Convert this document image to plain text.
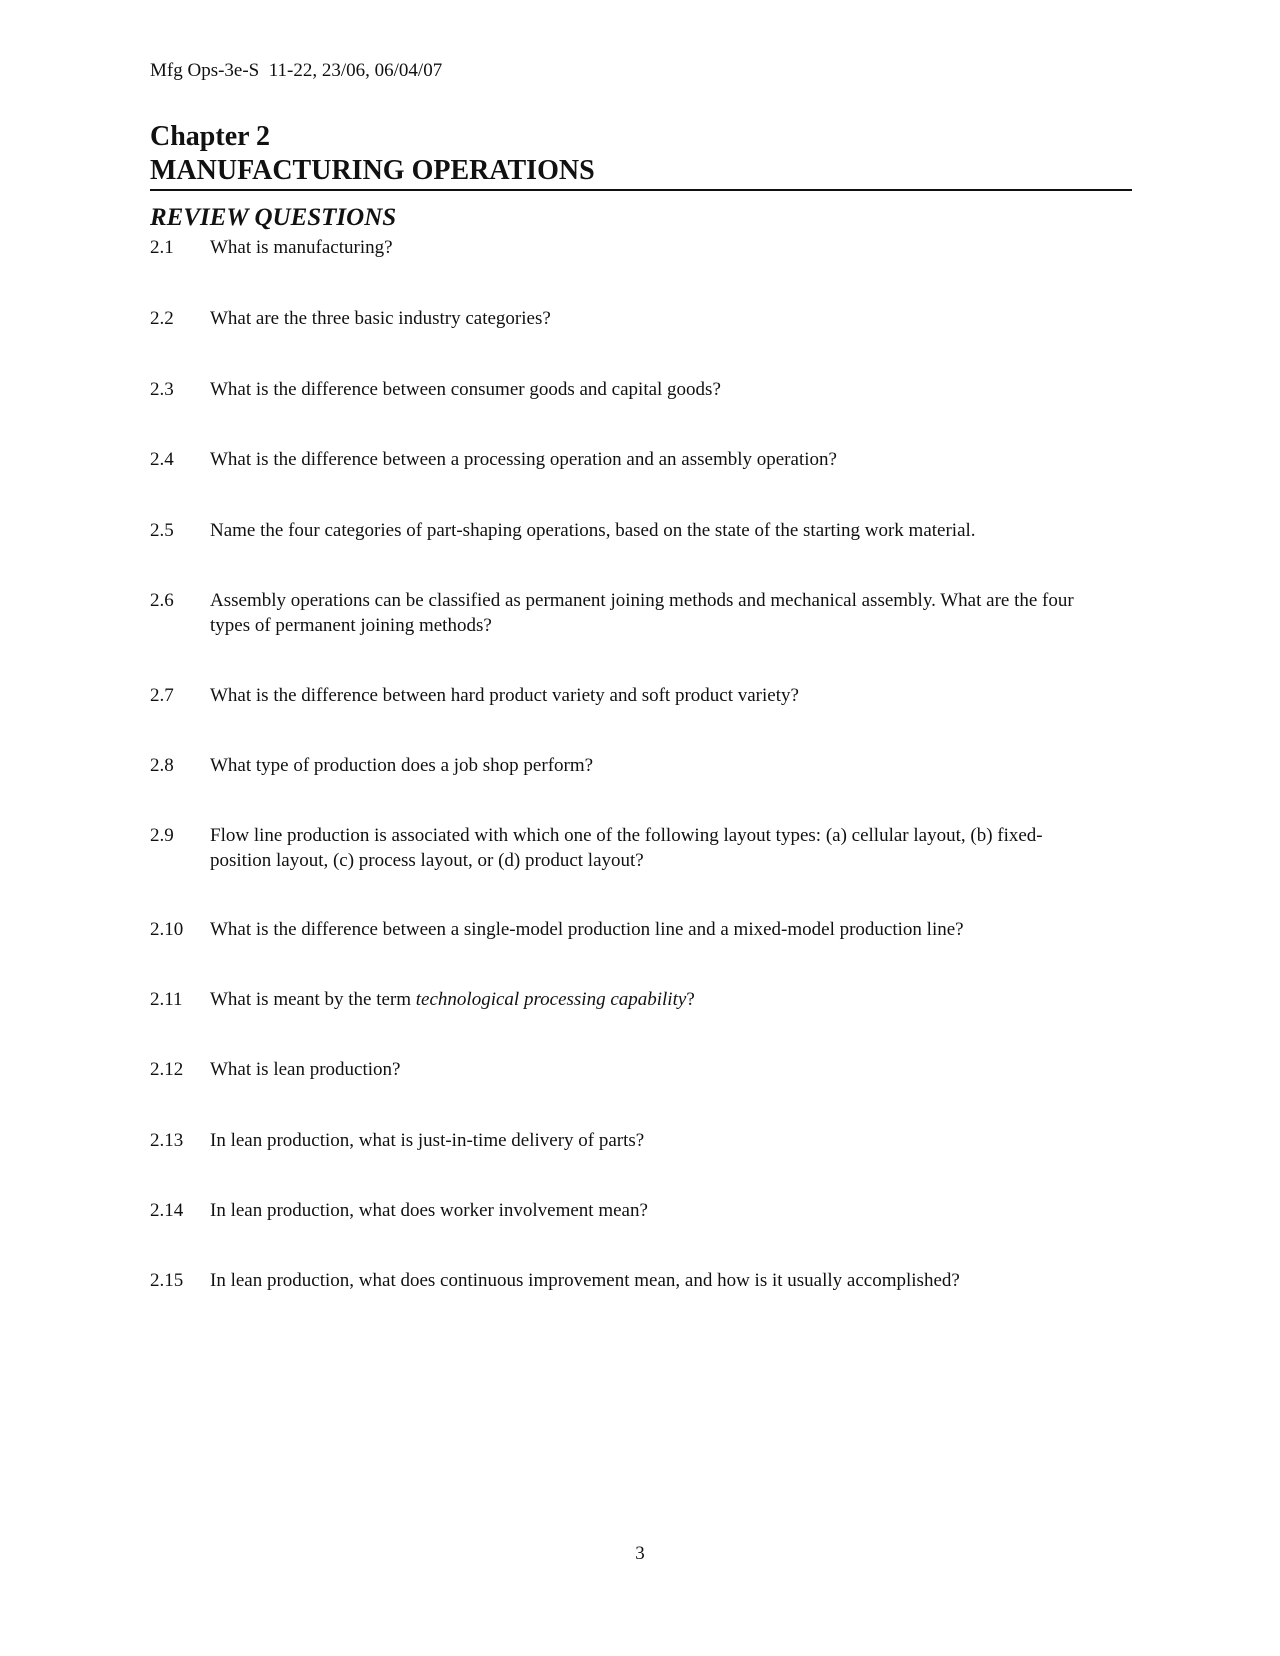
Mfg Ops-3e-S  11-22, 23/06, 06/04/07
Chapter 2
MANUFACTURING OPERATIONS
REVIEW QUESTIONS
2.1	What is manufacturing?
2.2	What are the three basic industry categories?
2.3	What is the difference between consumer goods and capital goods?
2.4	What is the difference between a processing operation and an assembly operation?
2.5	Name the four categories of part-shaping operations, based on the state of the starting work material.
2.6	Assembly operations can be classified as permanent joining methods and mechanical assembly. What are the four types of permanent joining methods?
2.7	What is the difference between hard product variety and soft product variety?
2.8	What type of production does a job shop perform?
2.9	Flow line production is associated with which one of the following layout types: (a) cellular layout, (b) fixed-position layout, (c) process layout, or (d) product layout?
2.10	What is the difference between a single-model production line and a mixed-model production line?
2.11	What is meant by the term technological processing capability?
2.12	What is lean production?
2.13	In lean production, what is just-in-time delivery of parts?
2.14	In lean production, what does worker involvement mean?
2.15	In lean production, what does continuous improvement mean, and how is it usually accomplished?
3
